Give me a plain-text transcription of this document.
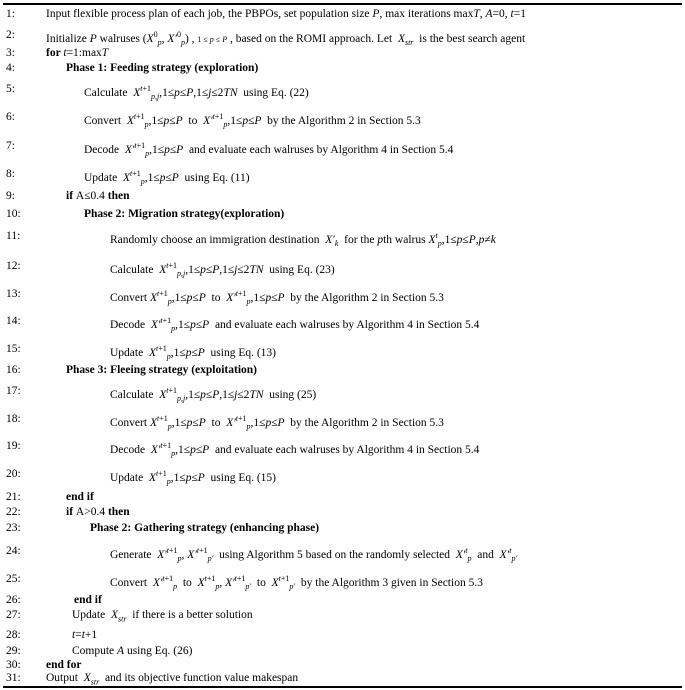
1:	Input flexible process plan of each job, the PBPOs, set population size P, max iterations maxT, A=0, t=1
2:	Initialize P walruses ($X^0_p$, $X'^0_p$) , 1 ≤ p ≤ P , based on the ROMI approach. Let  $X_{str}$  is the best search agent
3:	for t=1:maxT
4:	Phase 1: Feeding strategy (exploration)
5:	Calculate  $X^{t+1}_{p,j},1\le p\le P,1\le j\le 2TN$  using Eq. (22)
6:	Convert  $X^{t+1}_p,1\le p\le P$  to  $X'^{t+1}_p,1\le p\le P$  by the Algorithm 2 in Section 5.3
7:	Decode  $X'^{t+1}_p,1\le p\le P$  and evaluate each walruses by Algorithm 4 in Section 5.4
8:	Update  $X^{t+1}_p,1\le p\le P$  using Eq. (11)
9:	if A≤0.4 then
10:	Phase 2: Migration strategy(exploration)
11:	Randomly choose an immigration destination  $X'_k$  for the pth walrus $X^t_p,1\le p\le P,p\ne k$
12:	Calculate  $X^{t+1}_{p,j},1\le p\le P,1\le j\le 2TN$  using Eq. (23)
13:	Convert $X^{t+1}_p,1\le p\le P$  to  $X'^{t+1}_p,1\le p\le P$  by the Algorithm 2 in Section 5.3
14:	Decode  $X'^{t+1}_p,1\le p\le P$  and evaluate each walruses by Algorithm 4 in Section 5.4
15:	Update  $X^{t+1}_p,1\le p\le P$  using Eq. (13)
16:	Phase 3: Fleeing strategy (exploitation)
17:	Calculate  $X^{t+1}_{p,j},1\le p\le P,1\le j\le 2TN$  using (25)
18:	Convert $X^{t+1}_p,1\le p\le P$  to  $X'^{t+1}_p,1\le p\le P$  by the Algorithm 2 in Section 5.3
19:	Decode  $X'^{t+1}_p,1\le p\le P$  and evaluate each walruses by Algorithm 4 in Section 5.4
20:	Update  $X^{t+1}_p,1\le p\le P$  using Eq. (15)
21:	end if
22:	if A>0.4 then
23:	Phase 2: Gathering strategy (enhancing phase)
24:	Generate  $X'^{t+1}_p$, $X'^{t+1}_{p'}$  using Algorithm 5 based on the randomly selected  $X'^t_p$  and  $X'^t_{p'}$
25:	Convert  $X'^{t+1}_p$  to  $X^{t+1}_p$, $X'^{t+1}_{p'}$  to  $X^{t+1}_{p'}$  by the Algorithm 3 given in Section 5.3
26:	end if
27:	Update  $X_{str}$  if there is a better solution
28:	t=t+1
29:	Compute A using Eq. (26)
30: end for
31: Output  $X_{str}$  and its objective function value makespan
